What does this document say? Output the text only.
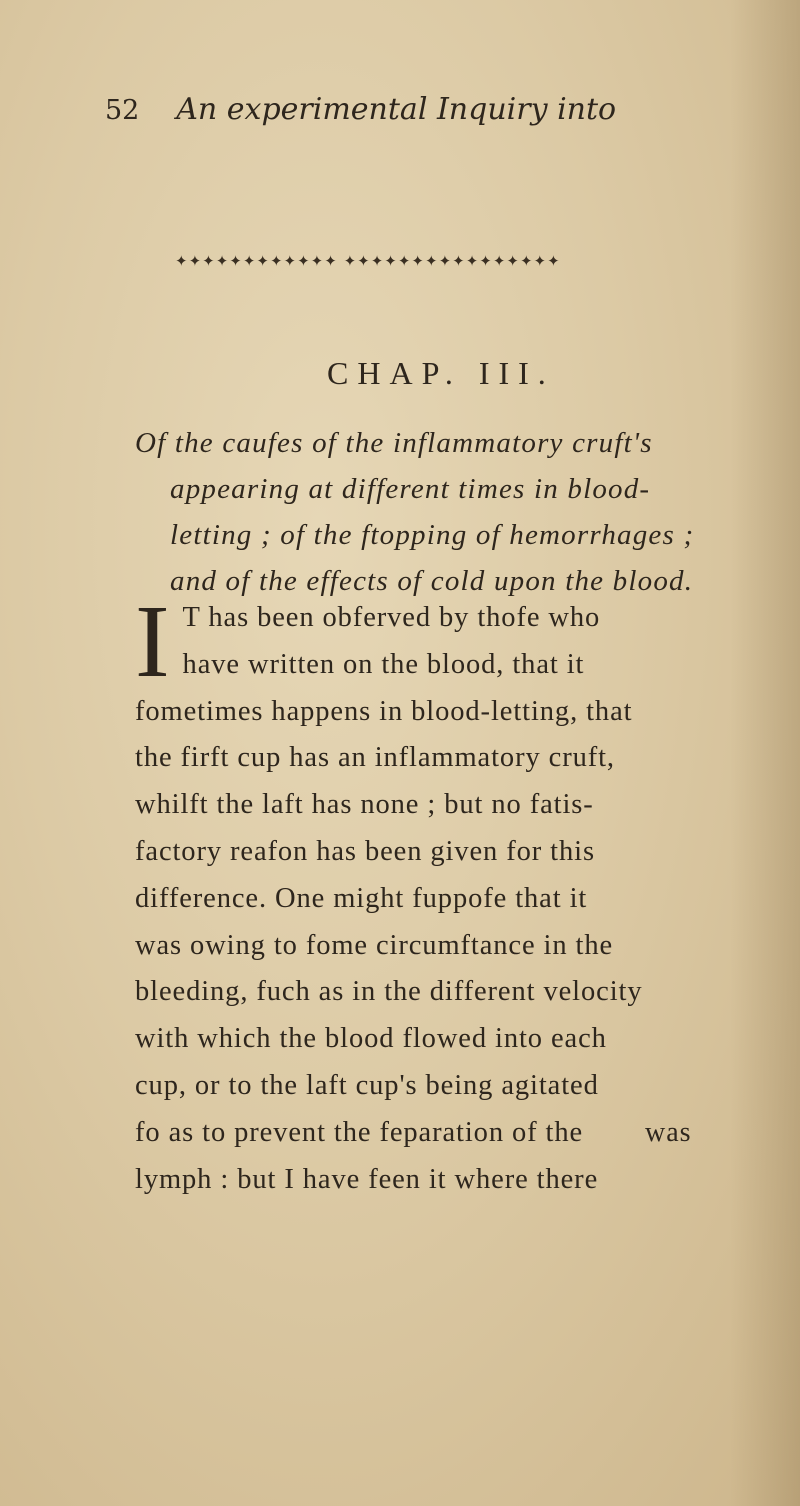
52 An experimental Inquiry into
✦✦✦✦✦✦✦✦✦✦✦✦ ✦✦✦✦✦✦✦✦✦✦✦✦✦✦✦✦
CHAP. III.
Of the caufes of the inflammatory cruft's
appearing at different times in blood-
letting ; of the ftopping of hemorrhages ;
and of the effects of cold upon the blood.
I T has been obferved by thofe who
have written on the blood, that it
fometimes happens in blood-letting, that
the firft cup has an inflammatory cruft,
whilft the laft has none ; but no fatis-
factory reafon has been given for this
difference. One might fuppofe that it
was owing to fome circumftance in the
bleeding, fuch as in the different velocity
with which the blood flowed into each
cup, or to the laft cup's being agitated
fo as to prevent the feparation of the
lymph : but I have feen it where there
was
